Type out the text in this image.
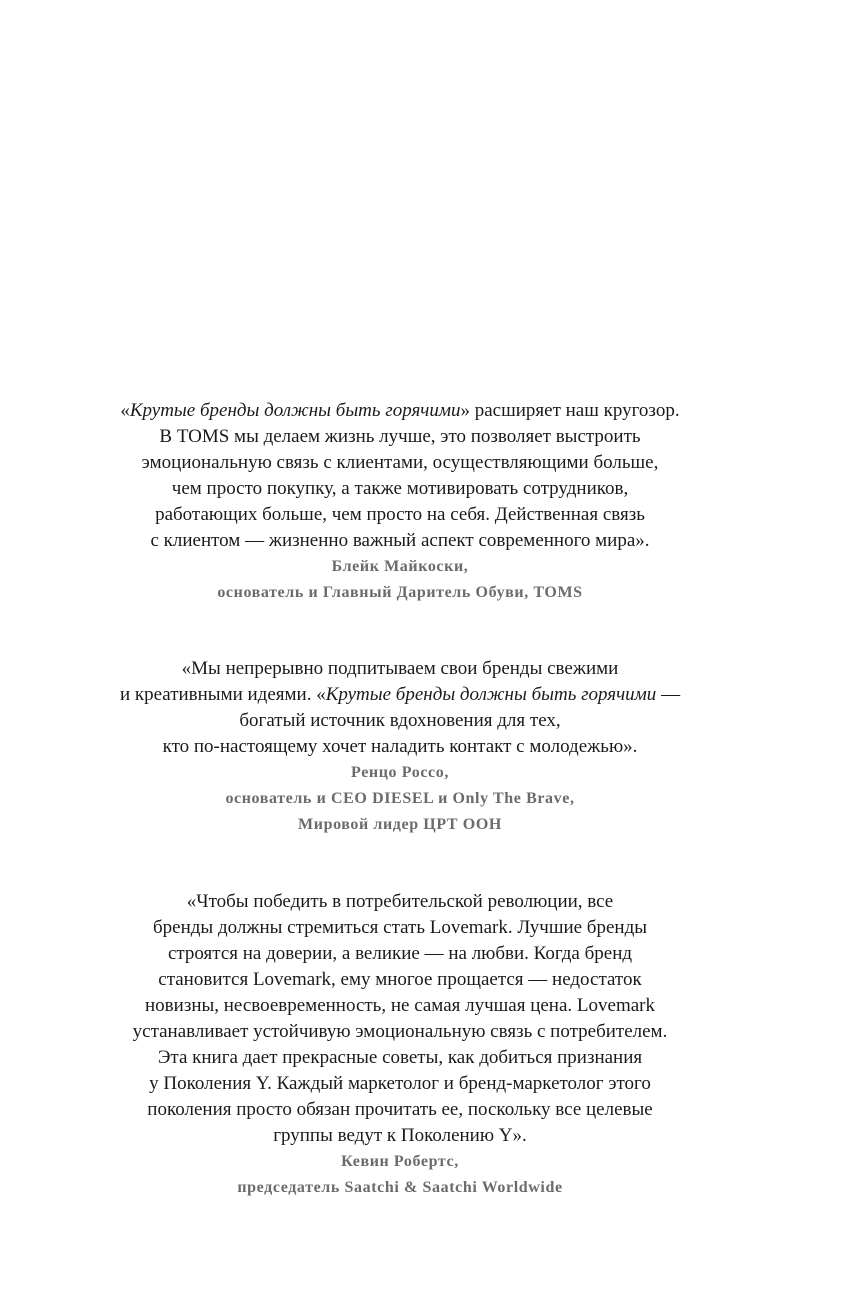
«Крутые бренды должны быть горячими» расширяет наш кругозор.
В TOMS мы делаем жизнь лучше, это позволяет выстроить
эмоциональную связь с клиентами, осуществляющими больше,
чем просто покупку, а также мотивировать сотрудников,
работающих больше, чем просто на себя. Действенная связь
с клиентом — жизненно важный аспект современного мира».
Блейк Майкоски,
основатель и Главный Даритель Обуви, TOMS
«Мы непрерывно подпитываем свои бренды свежими
и креативными идеями. «Крутые бренды должны быть горячими —
богатый источник вдохновения для тех,
кто по-настоящему хочет наладить контакт с молодежью».
Ренцо Россо,
основатель и CEO DIESEL и Only The Brave,
Мировой лидер ЦРТ ООН
«Чтобы победить в потребительской революции, все
бренды должны стремиться стать Lovemark. Лучшие бренды
строятся на доверии, а великие — на любви. Когда бренд
становится Lovemark, ему многое прощается — недостаток
новизны, несвоевременность, не самая лучшая цена. Lovemark
устанавливает устойчивую эмоциональную связь с потребителем.
Эта книга дает прекрасные советы, как добиться признания
у Поколения Y. Каждый маркетолог и бренд-маркетолог этого
поколения просто обязан прочитать ее, поскольку все целевые
группы ведут к Поколению Y».
Кевин Робертс,
председатель Saatchi & Saatchi Worldwide
